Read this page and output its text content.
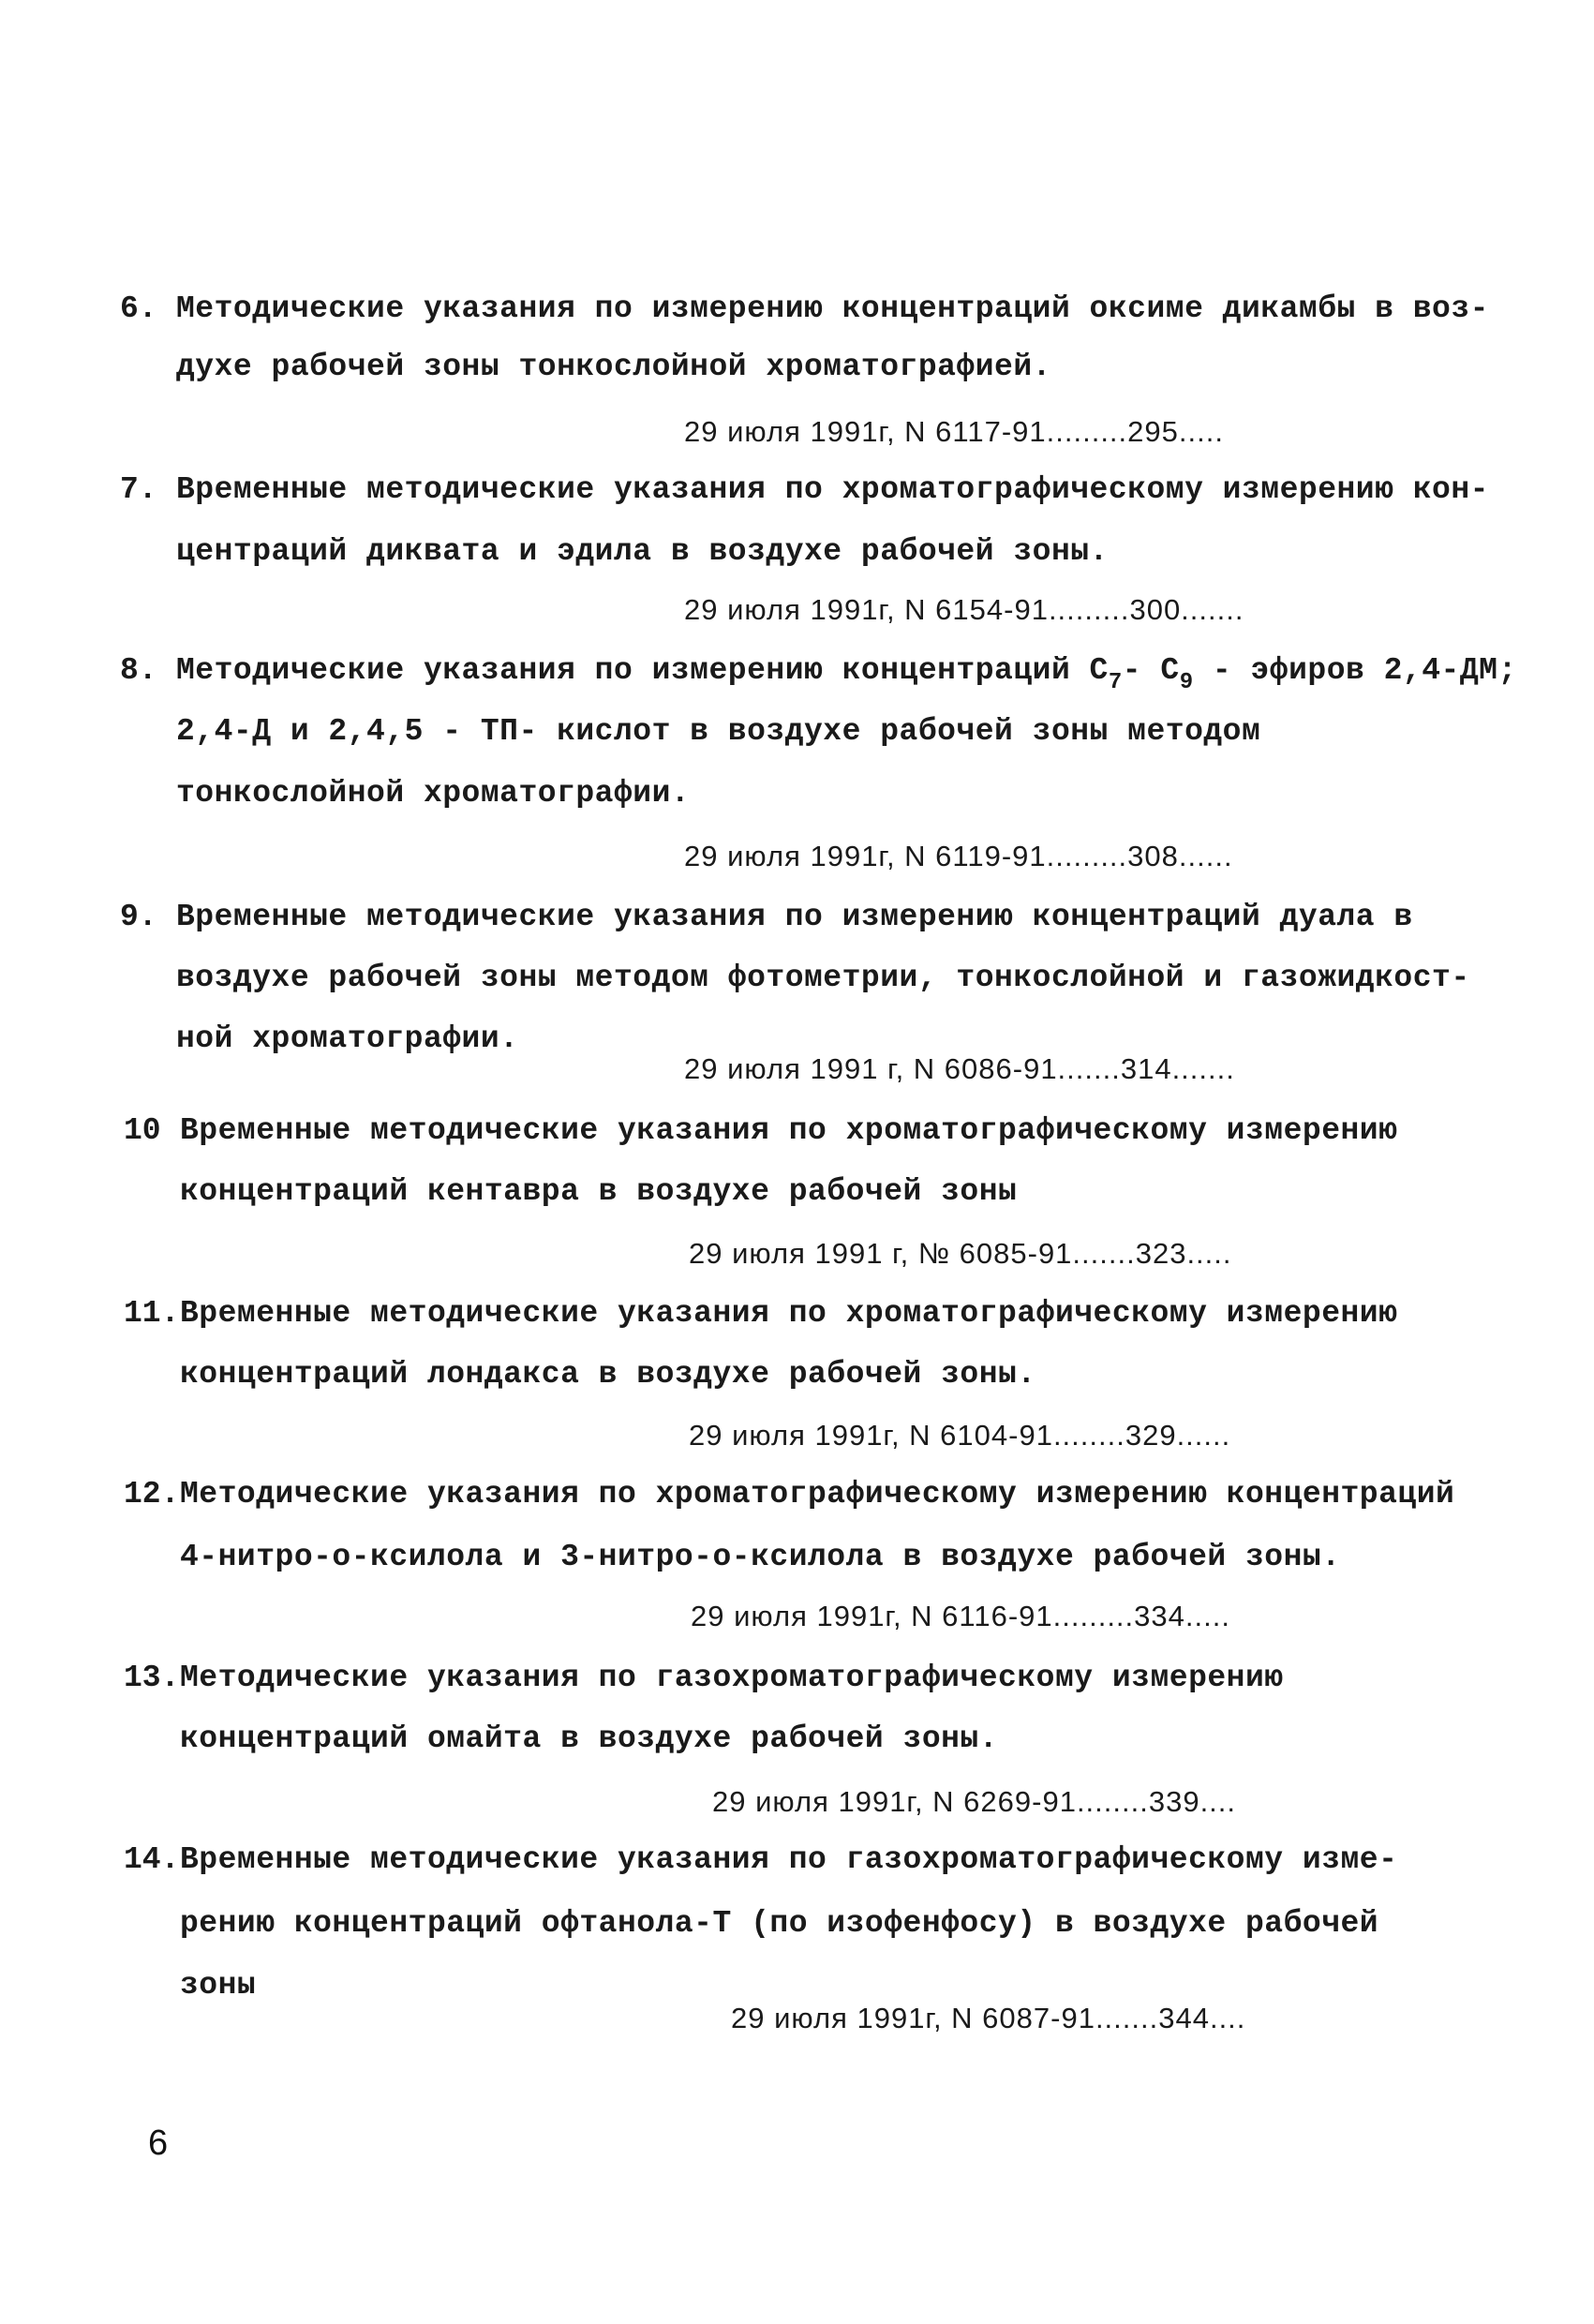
6. Методические указания по измерению концентраций оксиме дикамбы в воз-
духе рабочей зоны тонкослойной хроматографией.
29 июля 1991г, N 6117-91.........295.....
7. Временные методические указания по хроматографическому измерению кон-
центраций диквата и эдила в воздухе рабочей зоны.
29 июля 1991г, N 6154-91.........300.......
8. Методические указания по измерению концентраций $C_7-$ $C_9$ - эфиров 2,4-ДМ;
2,4-Д и 2,4,5 - ТП- кислот в воздухе рабочей зоны методом
тонкослойной хроматографии.
29 июля 1991г, N 6119-91.........308......
9. Временные методические указания по измерению концентраций дуала в
воздухе рабочей зоны методом фотометрии, тонкослойной и газожидкост-
ной хроматографии.
29 июля 1991 г, N 6086-91.......314.......
10 Временные методические указания по хроматографическому измерению
концентраций кентавра в воздухе рабочей зоны
29 июля 1991 г, № 6085-91.......323.....
11. Временные методические указания по хроматографическому измерению
концентраций лондакса в воздухе рабочей зоны.
29 июля 1991г, N 6104-91........329......
12. Методические указания по хроматографическому измерению концентраций
4-нитро-о-ксилола и 3-нитро-о-ксилола в воздухе рабочей зоны.
29 июля 1991г, N 6116-91.........334.....
13. Методические указания по газохроматографическому измерению
концентраций омайта в воздухе рабочей зоны.
29 июля 1991г, N 6269-91........339....
14. Временные методические указания по газохроматографическому изме-
рению концентраций офтанола-Т (по изофенфосу) в воздухе рабочей
зоны
29 июля 1991г, N 6087-91.......344....
6
